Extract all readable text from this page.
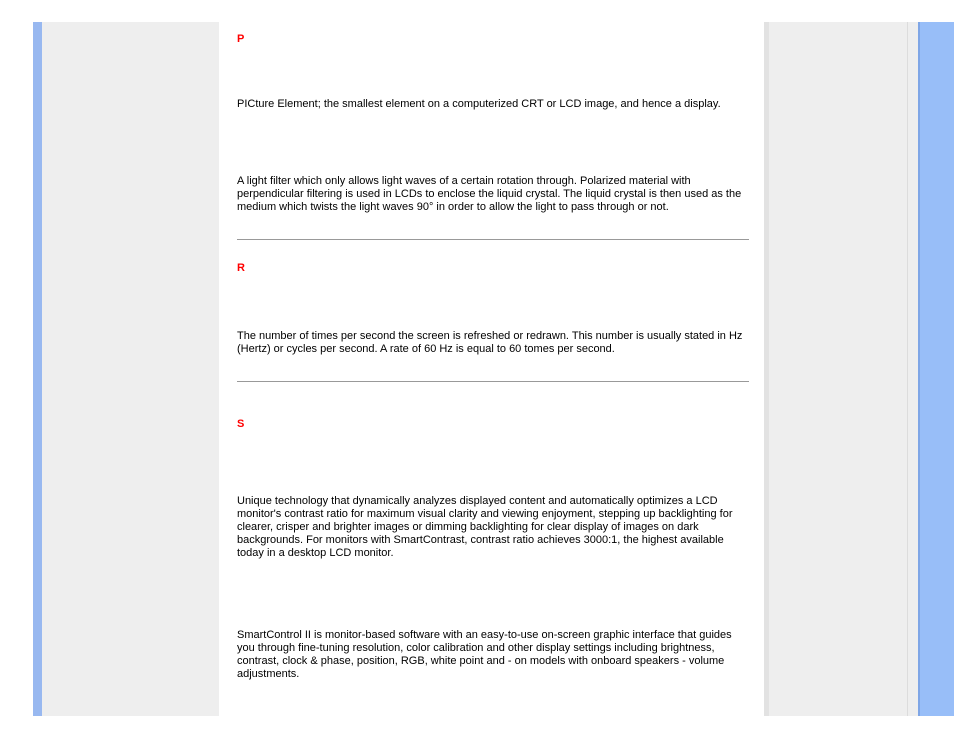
P

PICture Element; the smallest element on a computerized CRT or LCD image, and hence a display.

A light filter which only allows light waves of a certain rotation through. Polarized material with perpendicular filtering is used in LCDs to enclose the liquid crystal. The liquid crystal is then used as the medium which twists the light waves 90° in order to allow the light to pass through or not.

R

The number of times per second the screen is refreshed or redrawn. This number is usually stated in Hz (Hertz) or cycles per second. A rate of 60 Hz is equal to 60 tomes per second.

S

Unique technology that dynamically analyzes displayed content and automatically optimizes a LCD monitor's contrast ratio for maximum visual clarity and viewing enjoyment, stepping up backlighting for clearer, crisper and brighter images or dimming backlighting for clear display of images on dark backgrounds. For monitors with SmartContrast, contrast ratio achieves 3000:1, the highest available today in a desktop LCD monitor.

SmartControl II is monitor-based software with an easy-to-use on-screen graphic interface that guides you through fine-tuning resolution, color calibration and other display settings including brightness, contrast, clock & phase, position, RGB, white point and - on models with onboard speakers - volume adjustments.
